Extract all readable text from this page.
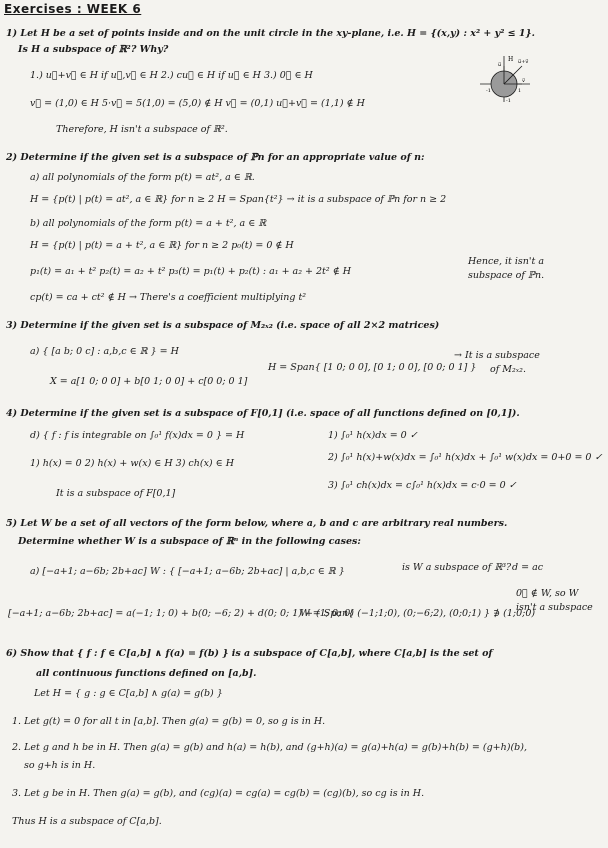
Exercises : WEEK 6
1) Let H be a set of points inside and on the unit circle in the xy-plane, i.e. H = {(x,y) : x² + y² ≤ 1}.
Is H a subspace of ℝ²? Why?
1.) u⃗+v⃗ ∈ H if u⃗,v⃗ ∈ H 2.) cu⃗ ∈ H if u⃗ ∈ H 3.) 0⃗ ∈ H
v⃗ = (1,0) ∈ H 5·v⃗ = 5(1,0) = (5,0) ∉ H v⃗ = (0,1) u⃗+v⃗ = (1,1) ∉ H
Therefore, H isn't a subspace of ℝ².
2) Determine if the given set is a subspace of ℙn for an appropriate value of n:
a) all polynomials of the form p(t) = at², a ∈ ℝ.
H = {p(t) | p(t) = at², a ∈ ℝ} for n ≥ 2 H = Span{t²} → it is a subspace of ℙn for n ≥ 2
b) all polynomials of the form p(t) = a + t², a ∈ ℝ
H = {p(t) | p(t) = a + t², a ∈ ℝ} for n ≥ 2 p₀(t) = 0 ∉ H
p₁(t) = a₁ + t² p₂(t) = a₂ + t² p₃(t) = p₁(t) + p₂(t) : a₁ + a₂ + 2t² ∉ H
Hence, it isn't a
subspace of ℙn.
cp(t) = ca + ct² ∉ H → There's a coefficient multiplying t²
3) Determine if the given set is a subspace of M₂ₓ₂ (i.e. space of all 2×2 matrices)
a) { [a b; 0 c] : a,b,c ∈ ℝ } = H
H = Span{ [1 0; 0 0], [0 1; 0 0], [0 0; 0 1] }
→ It is a subspace
of M₂ₓ₂.
X = a[1 0; 0 0] + b[0 1; 0 0] + c[0 0; 0 1]
4) Determine if the given set is a subspace of F[0,1] (i.e. space of all functions defined on [0,1]).
d) { f : f is integrable on ∫₀¹ f(x)dx = 0 } = H	1) ∫₀¹ h(x)dx = 0 ✓
1) h(x) = 0 2) h(x) + w(x) ∈ H 3) ch(x) ∈ H
2) ∫₀¹ h(x)+w(x)dx = ∫₀¹ h(x)dx + ∫₀¹ w(x)dx = 0+0 = 0 ✓
It is a subspace of F[0,1]
3) ∫₀¹ ch(x)dx = c∫₀¹ h(x)dx = c·0 = 0 ✓
5) Let W be a set of all vectors of the form below, where a, b and c are arbitrary real numbers.
Determine whether W is a subspace of ℝⁿ in the following cases:
a) [−a+1; a−6b; 2b+ac] W : { [−a+1; a−6b; 2b+ac] | a,b,c ∈ ℝ }	is W a subspace of ℝ³? d = ac
[−a+1; a−6b; 2b+ac] = a(−1; 1; 0) + b(0; −6; 2) + d(0; 0; 1) + (1; 0; 0)
W = Span{ (−1;1;0), (0;−6;2), (0;0;1) } ∌ (1;0;0)
0⃗ ∉ W, so W
isn't a subspace
6) Show that { f : f ∈ C[a,b] ∧ f(a) = f(b) } is a subspace of C[a,b], where C[a,b] is the set of
all continuous functions defined on [a,b].
Let H = { g : g ∈ C[a,b] ∧ g(a) = g(b) }
1. Let g(t) = 0 for all t in [a,b]. Then g(a) = g(b) = 0, so g is in H.
2. Let g and h be in H. Then g(a) = g(b) and h(a) = h(b), and (g+h)(a) = g(a)+h(a) = g(b)+h(b) = (g+h)(b),
so g+h is in H.
3. Let g be in H. Then g(a) = g(b), and (cg)(a) = cg(a) = cg(b) = (cg)(b), so cg is in H.
Thus H is a subspace of C[a,b].
H u⃗+v⃗
u⃗
v⃗
-1	1
-1
